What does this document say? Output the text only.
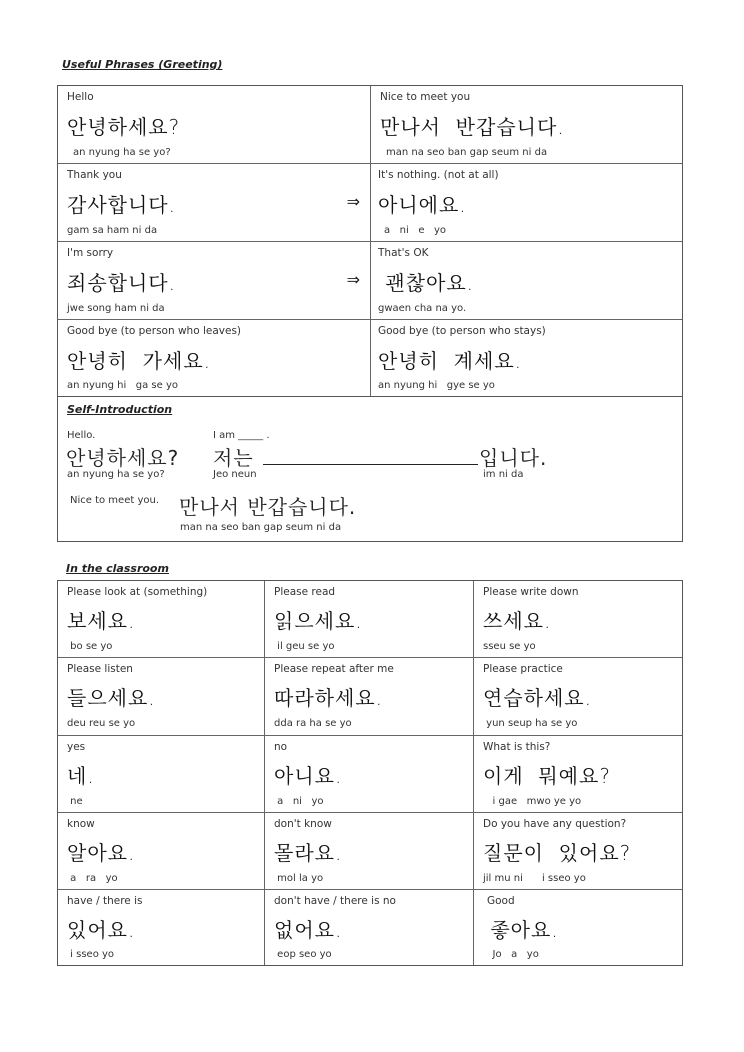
Useful Phrases (Greeting)
Hello
안녕하세요?
an nyung ha se yo?
Nice to meet you
만나서  반갑습니다.
man na seo ban gap seum ni da
Thank you
감사합니다.	⇒
gam sa ham ni da
It's nothing. (not at all)
아니에요.
a   ni   e   yo
I'm sorry
죄송합니다.	⇒
jwe song ham ni da
That's OK
괜찮아요.
gwaen cha na yo.
Good bye (to person who leaves)
안녕히  가세요.
an nyung hi   ga se yo
Good bye (to person who stays)
안녕히  계세요.
an nyung hi   gye se yo
Self-Introduction
Hello.
안녕하세요?
an nyung ha se yo?
I am _____ .
저는
Jeo neun
입니다.
im ni da
Nice to meet you. 만나서 반갑습니다.
man na seo ban gap seum ni da
In the classroom
Please look at (something)
보세요.
bo se yo
Please read
읽으세요.
il geu se yo
Please write down
쓰세요.
sseu se yo
Please listen
들으세요.
deu reu se yo
Please repeat after me
따라하세요.
dda ra ha se yo
Please practice
연습하세요.
yun seup ha se yo
yes
네.
ne
no
아니요.
a   ni   yo
What is this?
이게  뭐예요?
i gae   mwo ye yo
know
알아요.
a   ra   yo
don't know
몰라요.
mol la yo
Do you have any question?
질문이  있어요?
jil mu ni      i sseo yo
have / there is
있어요.
i sseo yo
don't have / there is no
없어요.
eop seo yo
Good
좋아요.
Jo   a   yo
